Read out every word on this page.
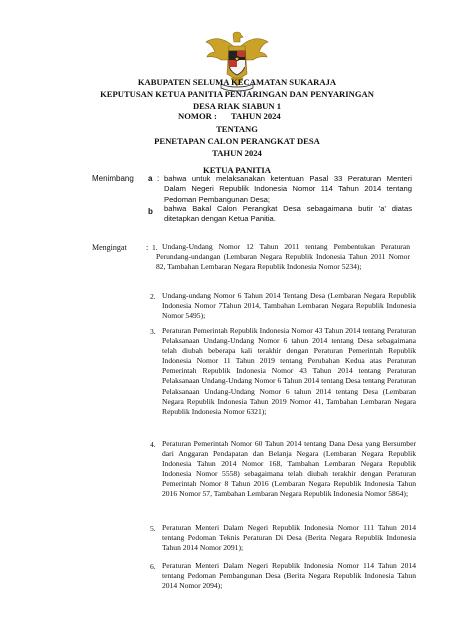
KABUPATEN SELUMA KECAMATAN SUKARAJA
KEPUTUSAN KETUA PANITIA PENJARINGAN DAN PENYARINGAN
DESA RIAK SIABUN 1
NOMOR : TAHUN 2024
TENTANG
PENETAPAN CALON PERANGKAT DESA
TAHUN 2024
KETUA PANITIA
Menimbang a : bahwa untuk melaksanakan ketentuan Pasal 33 Peraturan Menteri Dalam Negeri Republik Indonesia Nomor 114 Tahun 2014 tentang Pedoman Pembangunan Desa;
b bahwa Bakal Calon Perangkat Desa sebagaimana butir 'a' diatas ditetapkan dengan Ketua Panitia.
Mengingat : 1. Undang-Undang Nomor 12 Tahun 2011 tentang Pembentukan Peraturan Perundang-undangan (Lembaran Negara Republik Indonesia Tahun 2011 Nomor 82, Tambahan Lembaran Negara Republik Indonesia Nomor 5234);
2. Undang-undang Nomor 6 Tahun 2014 Tentang Desa (Lembaran Negara Republik Indonesia Nomor 7Tahun 2014, Tambahan Lembaran Negara Republik Indonesia Nomor 5495);
3. Peraturan Pemerintah Republik Indonesia Nomor 43 Tahun 2014 tentang Peraturan Pelaksanaan Undang-Undang Nomor 6 tahun 2014 tentang Desa sebagaimana telah diubah beberapa kali terakhir dengan Peraturan Pemerintah Republik Indonesia Nomor 11 Tahun 2019 tentang Perubahan Kedua atas Peraturan Pemerintah Republik Indonesia Nomor 43 Tahun 2014 tentang Peraturan Pelaksanaan Undang-Undang Nomor 6 Tahun 2014 tentang Desa tentang Peraturan Pelaksanaan Undang-Undang Nomor 6 tahun 2014 tentang Desa (Lembaran Negara Republik Indonesia Tahun 2019 Nomor 41, Tambahan Lembaran Negara Republik Indonesia Nomor 6321);
4. Peraturan Pemerintah Nomor 60 Tahun 2014 tentang Dana Desa yang Bersumber dari Anggaran Pendapatan dan Belanja Negara (Lembaran Negara Republik Indonesia Tahun 2014 Nomor 168, Tambahan Lembaran Negara Republik Indonesia Nomor 5558) sebagaimana telah diubah terakhir dengan Peraturan Pemerintah Nomor 8 Tahun 2016 (Lembaran Negara Republik Indonesia Tahun 2016 Nomor 57, Tambahan Lembaran Negara Republik Indonesia Nomor 5864);
5. Peraturan Menteri Dalam Negeri Republik Indonesia Nomor 111 Tahun 2014 tentang Pedoman Teknis Peraturan Di Desa (Berita Negara Republik Indonesia Tahun 2014 Nomor 2091);
6. Peraturan Menteri Dalam Negeri Republik Indonesia Nomor 114 Tahun 2014 tentang Pedoman Pembangunan Desa (Berita Negara Republik Indonesia Tahun 2014 Nomor 2094);
